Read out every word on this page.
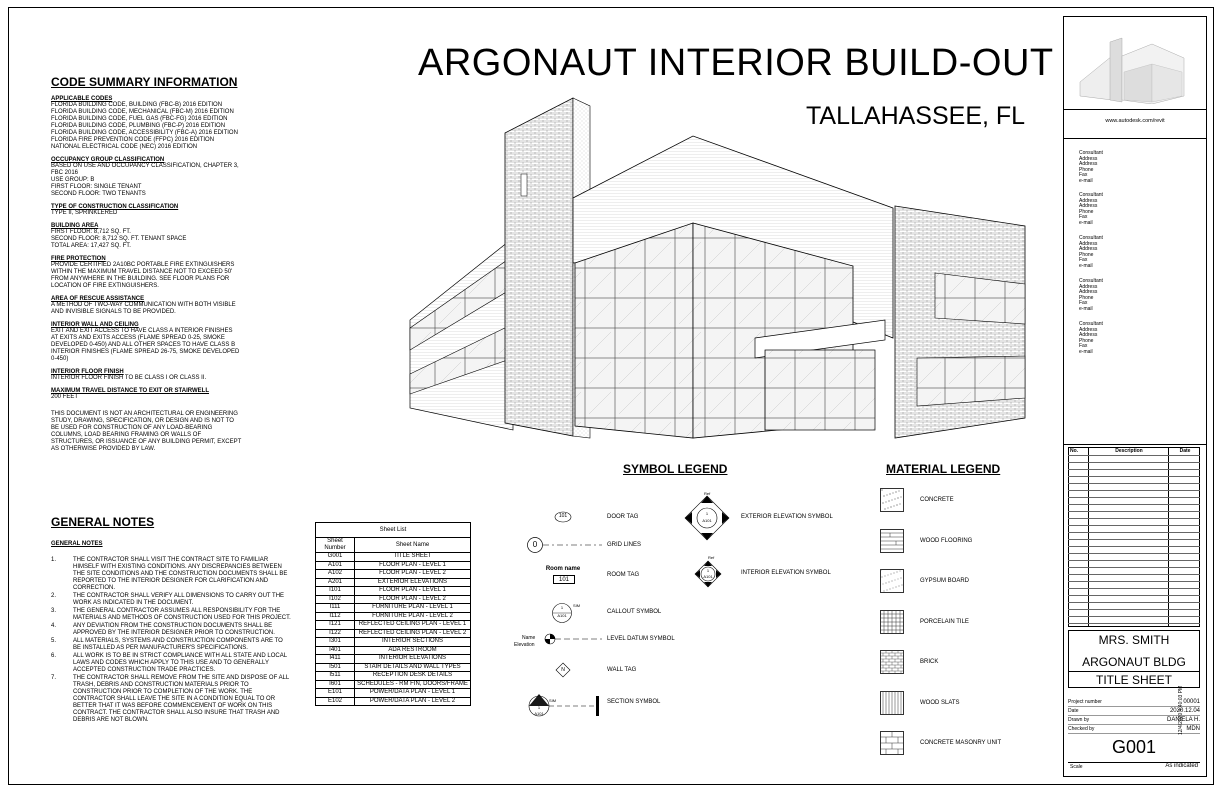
CODE SUMMARY INFORMATION
APPLICABLE CODES
FLORIDA BUILDING CODE, BUILDING (FBC-B) 2016 EDITION
FLORIDA BUILDING CODE, MECHANICAL (FBC-M) 2016 EDITION
FLORIDA BUILDING CODE, FUEL GAS (FBC-FG) 2016 EDITION
FLORIDA BUILDING CODE, PLUMBING (FBC-P) 2016 EDITION
FLORIDA BUILDING CODE, ACCESSIBILITY (FBC-A) 2016 EDITION
FLORIDA FIRE PREVENTION CODE (FFPC) 2016 EDITION
NATIONAL ELECTRICAL CODE (NEC) 2016 EDITION
OCCUPANCY GROUP CLASSIFICATION
BASED ON USE AND OCCUPANCY CLASSIFICATION, CHAPTER 3,
FBC 2016
USE GROUP: B
FIRST FLOOR: SINGLE TENANT
SECOND FLOOR: TWO TENANTS
TYPE OF CONSTRUCTION CLASSIFICATION
TYPE II, SPRINKLERED
BUILDING AREA
FIRST FLOOR: 8,712 SQ. FT.
SECOND FLOOR: 8,712 SQ. FT. TENANT SPACE
TOTAL AREA: 17,427 SQ. FT.
FIRE PROTECTION
PROVIDE CERTIFIED 2A10BC PORTABLE FIRE EXTINGUISHERS
WITHIN THE MAXIMUM TRAVEL DISTANCE NOT TO EXCEED 50'
FROM ANYWHERE IN THE BUILDING. SEE FLOOR PLANS FOR
LOCATION OF FIRE EXTINGUISHERS.
AREA OF RESCUE ASSISTANCE
A METHOD OF TWO-WAY COMMUNICATION WITH BOTH VISIBLE
AND INVISIBLE SIGNALS TO BE PROVIDED.
INTERIOR WALL AND CEILING
EXIT AND EXIT ACCESS TO HAVE CLASS A INTERIOR FINISHES
AT EXITS AND EXITS ACCESS (FLAME SPREAD 0-25, SMOKE
DEVELOPED 0-450) AND ALL OTHER SPACES TO HAVE CLASS B
INTERIOR FINISHES (FLAME SPREAD 26-75, SMOKE DEVELOPED
0-450)
INTERIOR FLOOR FINISH
INTERIOR FLOOR FINISH TO BE CLASS I OR CLASS II.
MAXIMUM TRAVEL DISTANCE TO EXIT OR STAIRWELL
200 FEET
THIS DOCUMENT IS NOT AN ARCHITECTURAL OR ENGINEERING
STUDY, DRAWING, SPECIFICATION, OR DESIGN AND IS NOT TO
BE USED FOR CONSTRUCTION OF ANY LOAD-BEARING
COLUMNS, LOAD BEARING FRAMING OR WALLS OF
STRUCTURES, OR ISSUANCE OF ANY BUILDING PERMIT, EXCEPT
AS OTHERWISE PROVIDED BY LAW.
GENERAL NOTES
GENERAL NOTES
1.	THE CONTRACTOR SHALL VISIT THE CONTRACT SITE TO FAMILIAR HIMSELF WITH EXISTING CONDITIONS. ANY DISCREPANCIES BETWEEN THE SITE CONDITIONS AND THE CONSTRUCTION DOCUMENTS SHALL BE REPORTED TO THE INTERIOR DESIGNER FOR CLARIFICATION AND CORRECTION.
2.	THE CONTRACTOR SHALL VERIFY ALL DIMENSIONS TO CARRY OUT THE WORK AS INDICATED IN THE DOCUMENT.
3.	THE GENERAL CONTRACTOR ASSUMES ALL RESPONSIBILITY FOR THE MATERIALS AND METHODS OF CONSTRUCTION USED FOR THIS PROJECT.
4.	ANY DEVIATION FROM THE CONSTRUCTION DOCUMENTS SHALL BE APPROVED BY THE INTERIOR DESIGNER PRIOR TO CONSTRUCTION.
5.	ALL MATERIALS, SYSTEMS AND CONSTRUCTION COMPONENTS ARE TO BE INSTALLED AS PER MANUFACTURER'S SPECIFICATIONS.
6.	ALL WORK IS TO BE IN STRICT COMPLIANCE WITH ALL STATE AND LOCAL LAWS AND CODES WHICH APPLY TO THIS USE AND TO GENERALLY ACCEPTED CONSTRUCTION TRADE PRACTICES.
7.	THE CONTRACTOR SHALL REMOVE FROM THE SITE AND DISPOSE OF ALL TRASH, DEBRIS AND CONSTRUCTION MATERIALS PRIOR TO CONSTRUCTION PRIOR TO COMPLETION OF THE WORK. THE CONTRACTOR SHALL LEAVE THE SITE IN A CONDITION EQUAL TO OR BETTER THAT IT WAS BEFORE COMMENCEMENT OF WORK ON THIS CONTRACT. THE CONTRACTOR SHALL ALSO INSURE THAT TRASH AND DEBRIS ARE NOT BLOWN.
Sheet List	
Sheet Number	Sheet Name
G001	TITLE SHEET
A101	FLOOR PLAN - LEVEL 1
A102	FLOOR PLAN - LEVEL 2
A201	EXTERIOR ELEVATIONS
I101	FLOOR PLAN - LEVEL 1
I102	FLOOR PLAN - LEVEL 2
I111	FURNITURE PLAN - LEVEL 1
I112	FURNITURE PLAN - LEVEL 2
I121	REFLECTED CEILING PLAN - LEVEL 1
I122	REFLECTED CEILING PLAN - LEVEL 2
I301	INTERIOR SECTIONS
I401	ADA RESTROOM
I411	INTERIOR ELEVATIONS
I501	STAIR DETAILS AND WALL TYPES
I511	RECEPTION DESK DETAILS
I601	SCHEDULES - RM FIN, DOORS/FRAME
E101	POWER/DATA PLAN - LEVEL 1
E102	POWER/DATA PLAN - LEVEL 2
ARGONAUT INTERIOR BUILD-OUT
TALLAHASSEE, FL
SYMBOL LEGEND
101	DOOR TAG
0	GRID LINES
Room name
101
ROOM TAG
1
A101
SIM
CALLOUT SYMBOL
Name
Elevation
LEVEL DATUM SYMBOL
N	WALL TAG
1
A101
SIM	SECTION SYMBOL
Ref
1
A101
EXTERIOR ELEVATION SYMBOL
Ref
1
A101
INTERIOR ELEVATION SYMBOL
MATERIAL LEGEND
CONCRETE
WOOD FLOORING
GYPSUM BOARD
PORCELAIN TILE
BRICK
WOOD SLATS
CONCRETE MASONRY UNIT
www.autodesk.com/revit
Consultant
Address
Address
Phone
Fax
e-mail
Consultant
Address
Address
Phone
Fax
e-mail
Consultant
Address
Address
Phone
Fax
e-mail
Consultant
Address
Address
Phone
Fax
e-mail
Consultant
Address
Address
Phone
Fax
e-mail
No.	Description	Date
MRS. SMITH
ARGONAUT BLDG
TITLE SHEET
Project number	00001
Date	2020.12.04
Drawn by	DANIELA H.
Checked by	MDN
G001
Scale	As indicated
12/4/2020 4:40:03 PM
